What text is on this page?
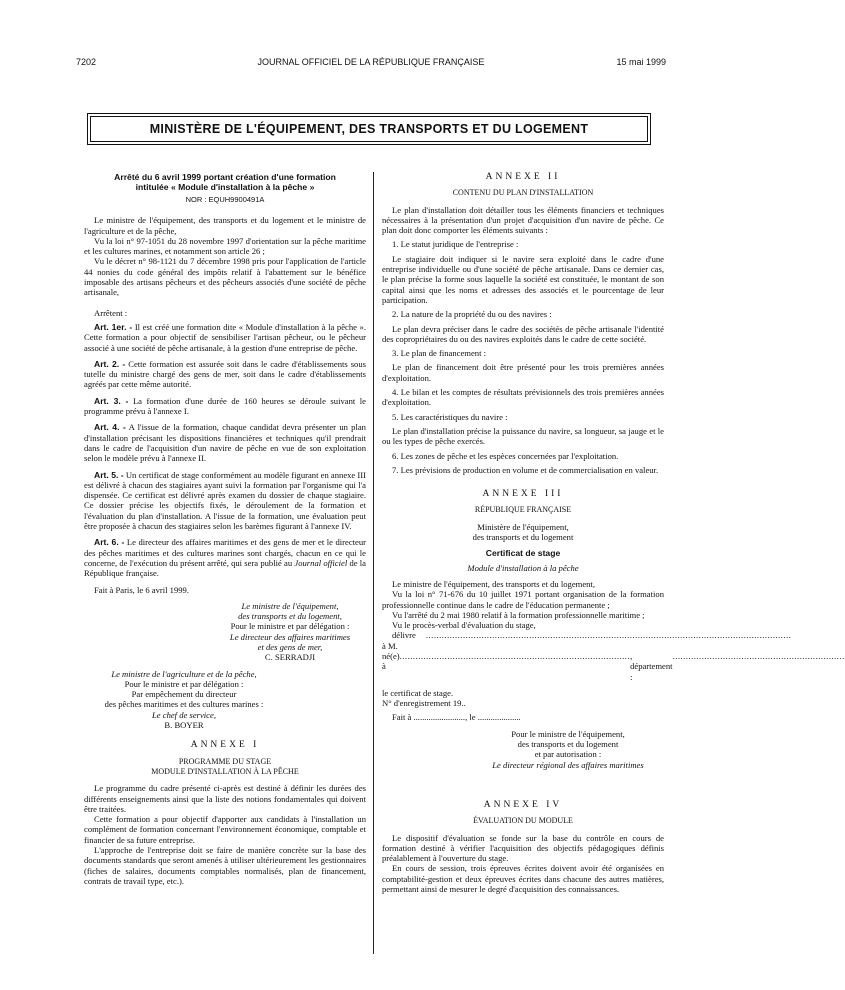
7202	JOURNAL OFFICIEL DE LA RÉPUBLIQUE FRANÇAISE	15 mai 1999
MINISTÈRE DE L'ÉQUIPEMENT, DES TRANSPORTS ET DU LOGEMENT
Arrêté du 6 avril 1999 portant création d'une formation
intitulée « Module d'installation à la pêche »
NOR : EQUH9900491A

Le ministre de l'équipement, des transports et du logement et le ministre de l'agriculture et de la pêche,

Vu la loi n° 97-1051 du 28 novembre 1997 d'orientation sur la pêche maritime et les cultures marines, et notamment son article 26 ;

Vu le décret n° 98-1121 du 7 décembre 1998 pris pour l'application de l'article 44 nonies du code général des impôts relatif à l'abattement sur le bénéfice imposable des artisans pêcheurs et des pêcheurs associés d'une société de pêche artisanale,

Arrêtent :

Art. 1er. - Il est créé une formation dite « Module d'installation à la pêche ». Cette formation a pour objectif de sensibiliser l'artisan pêcheur, ou le pêcheur associé à une société de pêche artisanale, à la gestion d'une entreprise de pêche.

Art. 2. - Cette formation est assurée soit dans le cadre d'établissements sous tutelle du ministre chargé des gens de mer, soit dans le cadre d'établissements agréés par cette même autorité.

Art. 3. - La formation d'une durée de 160 heures se déroule suivant le programme prévu à l'annexe I.

Art. 4. - A l'issue de la formation, chaque candidat devra présenter un plan d'installation précisant les dispositions financières et techniques qu'il prendrait dans le cadre de l'acquisition d'un navire de pêche en vue de son exploitation selon le modèle prévu à l'annexe II.

Art. 5. - Un certificat de stage conformément au modèle figurant en annexe III est délivré à chacun des stagiaires ayant suivi la formation par l'organisme qui l'a dispensée. Ce certificat est délivré après examen du dossier de chaque stagiaire. Ce dossier précise les objectifs fixés, le déroulement de la formation et l'évaluation du plan d'installation. A l'issue de la formation, une évaluation peut être proposée à chacun des stagiaires selon les barèmes figurant à l'annexe IV.

Art. 6. - Le directeur des affaires maritimes et des gens de mer et le directeur des pêches maritimes et des cultures marines sont chargés, chacun en ce qui le concerne, de l'exécution du présent arrêté, qui sera publié au Journal officiel de la République française.

Fait à Paris, le 6 avril 1999.

Le ministre de l'équipement,
des transports et du logement,
Pour le ministre et par délégation :
Le directeur des affaires maritimes
et des gens de mer,
C. SERRADJI
Le ministre de l'agriculture et de la pêche,
Pour le ministre et par délégation :
Par empêchement du directeur
des pêches maritimes et des cultures marines :
Le chef de service,
B. BOYER
ANNEXE I
PROGRAMME DU STAGE
MODULE D'INSTALLATION À LA PÊCHE

Le programme du cadre présenté ci-après est destiné à définir les durées des différents enseignements ainsi que la liste des notions fondamentales qui doivent être traitées.

Cette formation a pour objectif d'apporter aux candidats à l'installation un complément de formation concernant l'environnement économique, comptable et financier de sa future entreprise.

L'approche de l'entreprise doit se faire de manière concrète sur la base des documents standards que seront amenés à utiliser ultérieurement les gestionnaires (fiches de salaires, documents comptables normalisés, plan de financement, contrats de travail type, etc.).

ANNEXE II
CONTENU DU PLAN D'INSTALLATION

Le plan d'installation doit détailler tous les éléments financiers et techniques nécessaires à la présentation d'un projet d'acquisition d'un navire de pêche. Ce plan doit donc comporter les éléments suivants :

1. Le statut juridique de l'entreprise :

Le stagiaire doit indiquer si le navire sera exploité dans le cadre d'une entreprise individuelle ou d'une société de pêche artisanale. Dans ce dernier cas, le plan précise la forme sous laquelle la société est constituée, le montant de son capital ainsi que les noms et adresses des associés et le pourcentage de leur participation.

2. La nature de la propriété du ou des navires :

Le plan devra préciser dans le cadre des sociétés de pêche artisanale l'identité des copropriétaires du ou des navires exploités dans le cadre de cette société.

3. Le plan de financement :

Le plan de financement doit être présenté pour les trois premières années d'exploitation.

4. Le bilan et les comptes de résultats prévisionnels des trois premières années d'exploitation.

5. Les caractéristiques du navire :

Le plan d'installation précise la puissance du navire, sa longueur, sa jauge et le ou les types de pêche exercés.

6. Les zones de pêche et les espèces concernées par l'exploitation.

7. Les prévisions de production en volume et de commercialisation en valeur.

ANNEXE III
RÉPUBLIQUE FRANÇAISE
Ministère de l'équipement,
des transports et du logement
Certificat de stage
Module d'installation à la pêche

Le ministre de l'équipement, des transports et du logement,

Vu la loi n° 71-676 du 10 juillet 1971 portant organisation de la formation professionnelle continue dans le cadre de l'éducation permanente ;

Vu l'arrêté du 2 mai 1980 relatif à la formation professionnelle maritime ;

Vu le procès-verbal d'évaluation du stage,

délivre à M.
..........................................................................................................................................
né(e) à
....................................................................................... , département :
.................................................................

le certificat de stage.

N° d'enregistrement 19..

Fait à ........................, le ....................

Pour le ministre de l'équipement,
des transports et du logement
et par autorisation :
Le directeur régional des affaires maritimes
ANNEXE IV
ÉVALUATION DU MODULE

Le dispositif d'évaluation se fonde sur la base du contrôle en cours de formation destiné à vérifier l'acquisition des objectifs pédagogiques définis préalablement à l'ouverture du stage.

En cours de session, trois épreuves écrites doivent avoir été organisées en comptabilité-gestion et deux épreuves écrites dans chacune des autres matières, permettant ainsi de mesurer le degré d'acquisition des connaissances.
